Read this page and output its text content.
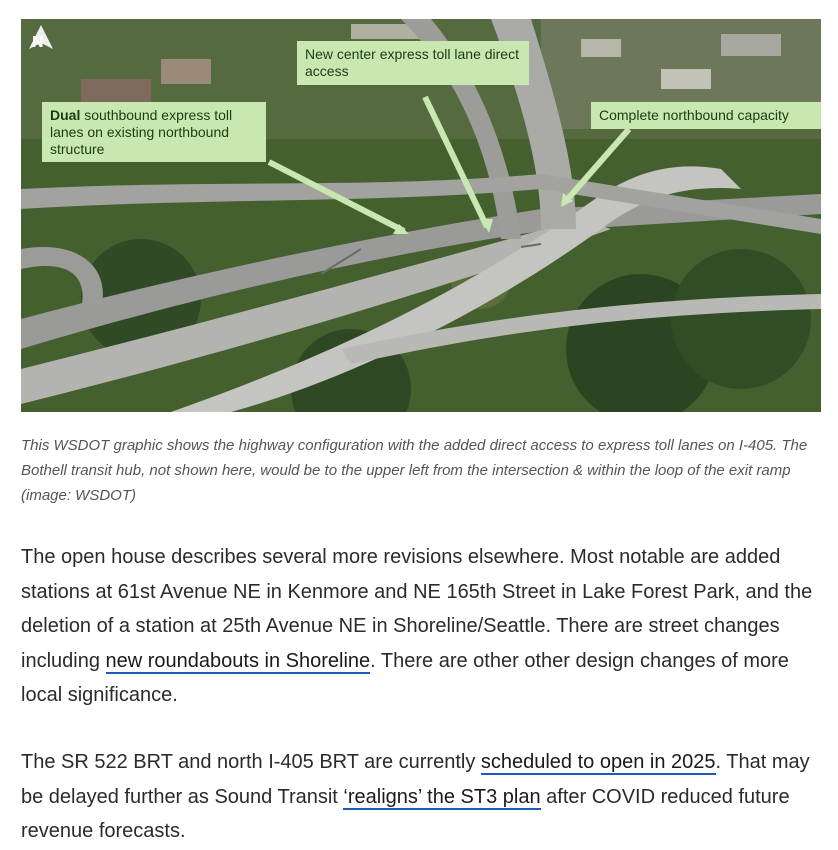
N
Dual southbound express toll lanes on existing northbound structure
New center express toll lane direct access
Complete northbound capacity
This WSDOT graphic shows the highway configuration with the added direct access to express toll lanes on I-405. The Bothell transit hub, not shown here, would be to the upper left from the intersection & within the loop of the exit ramp (image: WSDOT)
The open house describes several more revisions elsewhere. Most notable are added stations at 61st Avenue NE in Kenmore and NE 165th Street in Lake Forest Park, and the deletion of a station at 25th Avenue NE in Shoreline/Seattle. There are street changes including new roundabouts in Shoreline. There are other other design changes of more local significance.
The SR 522 BRT and north I-405 BRT are currently scheduled to open in 2025. That may be delayed further as Sound Transit ‘realigns’ the ST3 plan after COVID reduced future revenue forecasts.
